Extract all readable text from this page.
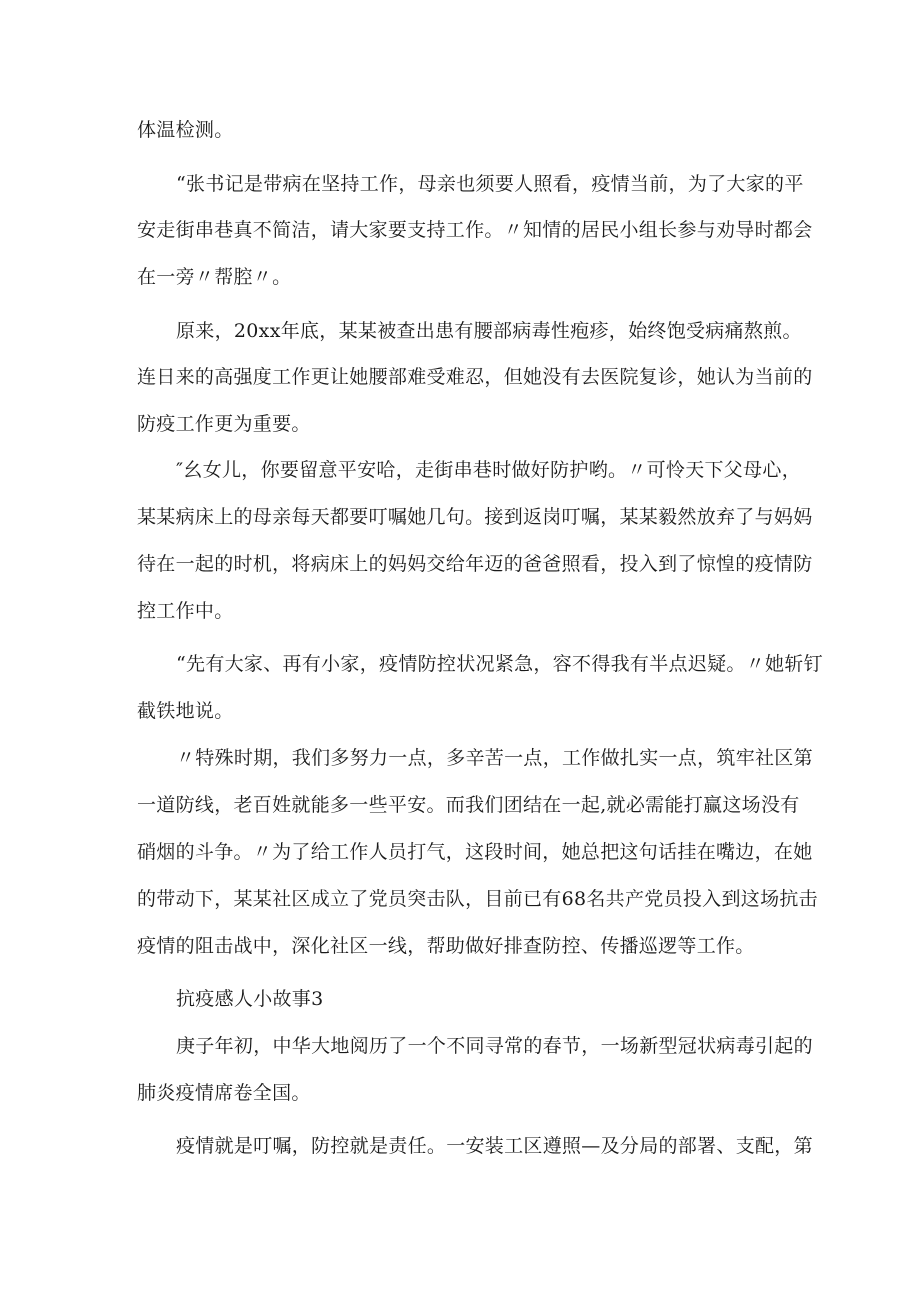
体温检测。
“张书记是带病在坚持工作，母亲也须要人照看，疫情当前，为了大家的平
安走街串巷真不简洁，请大家要支持工作。〃知情的居民小组长参与劝导时都会
在一旁〃帮腔〃。
原来，20xx年底，某某被查出患有腰部病毒性疱疹，始终饱受病痛熬煎。
连日来的高强度工作更让她腰部难受难忍，但她没有去医院复诊，她认为当前的
防疫工作更为重要。
″幺女儿，你要留意平安哈，走街串巷时做好防护哟。〃可怜天下父母心，
某某病床上的母亲每天都要叮嘱她几句。接到返岗叮嘱，某某毅然放弃了与妈妈
待在一起的时机，将病床上的妈妈交给年迈的爸爸照看，投入到了惊惶的疫情防
控工作中。
“先有大家、再有小家，疫情防控状况紧急，容不得我有半点迟疑。〃她斩钉
截铁地说。
〃特殊时期，我们多努力一点，多辛苦一点，工作做扎实一点，筑牢社区第
一道防线，老百姓就能多一些平安。而我们团结在一起,就必需能打赢这场没有
硝烟的斗争。〃为了给工作人员打气，这段时间，她总把这句话挂在嘴边，在她
的带动下，某某社区成立了党员突击队，目前已有68名共产党员投入到这场抗击
疫情的阻击战中，深化社区一线，帮助做好排查防控、传播巡逻等工作。
抗疫感人小故事3
庚子年初，中华大地阅历了一个不同寻常的春节，一场新型冠状病毒引起的
肺炎疫情席卷全国。
疫情就是叮嘱，防控就是责任。一安装工区遵照—及分局的部署、支配，第
